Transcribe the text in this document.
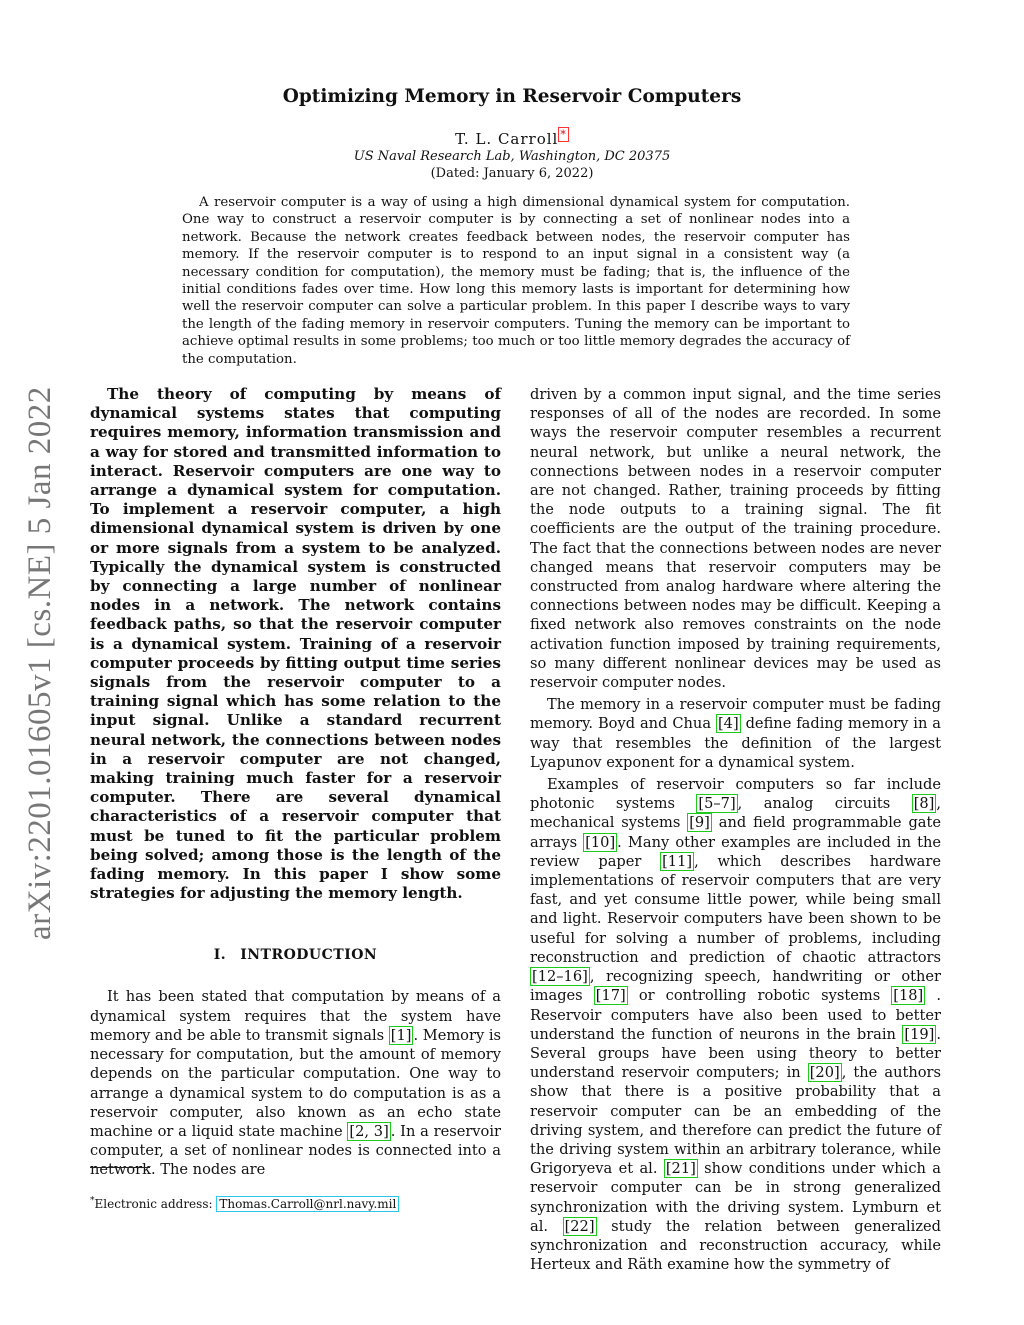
arXiv:2201.01605v1 [cs.NE] 5 Jan 2022
Optimizing Memory in Reservoir Computers
T. L. Carroll *
US Naval Research Lab, Washington, DC 20375
(Dated: January 6, 2022)

A reservoir computer is a way of using a high dimensional dynamical system for computation. One way to construct a reservoir computer is by connecting a set of nonlinear nodes into a network. Because the network creates feedback between nodes, the reservoir computer has memory. If the reservoir computer is to respond to an input signal in a consistent way (a necessary condition for computation), the memory must be fading; that is, the influence of the initial conditions fades over time. How long this memory lasts is important for determining how well the reservoir computer can solve a particular problem. In this paper I describe ways to vary the length of the fading memory in reservoir computers. Tuning the memory can be important to achieve optimal results in some problems; too much or too little memory degrades the accuracy of the computation.

The theory of computing by means of dynamical systems states that computing requires memory, information transmission and a way for stored and transmitted information to interact. Reservoir computers are one way to arrange a dynamical system for computation. To implement a reservoir computer, a high dimensional dynamical system is driven by one or more signals from a system to be analyzed. Typically the dynamical system is constructed by connecting a large number of nonlinear nodes in a network. The network contains feedback paths, so that the reservoir computer is a dynamical system. Training of a reservoir computer proceeds by fitting output time series signals from the reservoir computer to a training signal which has some relation to the input signal. Unlike a standard recurrent neural network, the connections between nodes in a reservoir computer are not changed, making training much faster for a reservoir computer. There are several dynamical characteristics of a reservoir computer that must be tuned to fit the particular problem being solved; among those is the length of the fading memory. In this paper I show some strategies for adjusting the memory length.

I. INTRODUCTION

It has been stated that computation by means of a dynamical system requires that the system have memory and be able to transmit signals [1] . Memory is necessary for computation, but the amount of memory depends on the particular computation. One way to arrange a dynamical system to do computation is as a reservoir computer, also known as an echo state machine or a liquid state machine [2, 3] . In a reservoir computer, a set of nonlinear nodes is connected into a network. The nodes are

*Electronic address: Thomas.Carroll@nrl.navy.mil

driven by a common input signal, and the time series responses of all of the nodes are recorded. In some ways the reservoir computer resembles a recurrent neural network, but unlike a neural network, the connections between nodes in a reservoir computer are not changed. Rather, training proceeds by fitting the node outputs to a training signal. The fit coefficients are the output of the training procedure. The fact that the connections between nodes are never changed means that reservoir computers may be constructed from analog hardware where altering the connections between nodes may be difficult. Keeping a fixed network also removes constraints on the node activation function imposed by training requirements, so many different nonlinear devices may be used as reservoir computer nodes.

The memory in a reservoir computer must be fading memory. Boyd and Chua [4] define fading memory in a way that resembles the definition of the largest Lyapunov exponent for a dynamical system.

Examples of reservoir computers so far include photonic systems [5–7] , analog circuits [8] , mechanical systems [9] and field programmable gate arrays [10] . Many other examples are included in the review paper [11] , which describes hardware implementations of reservoir computers that are very fast, and yet consume little power, while being small and light. Reservoir computers have been shown to be useful for solving a number of problems, including reconstruction and prediction of chaotic attractors [12–16] , recognizing speech, handwriting or other images [17] or controlling robotic systems [18] . Reservoir computers have also been used to better understand the function of neurons in the brain [19] . Several groups have been using theory to better understand reservoir computers; in [20] , the authors show that there is a positive probability that a reservoir computer can be an embedding of the driving system, and therefore can predict the future of the driving system within an arbitrary tolerance, while Grigoryeva et al. [21] show conditions under which a reservoir computer can be in strong generalized synchronization with the driving system. Lymburn et al. [22] study the relation between generalized synchronization and reconstruction accuracy, while Herteux and Räth examine how the symmetry of
